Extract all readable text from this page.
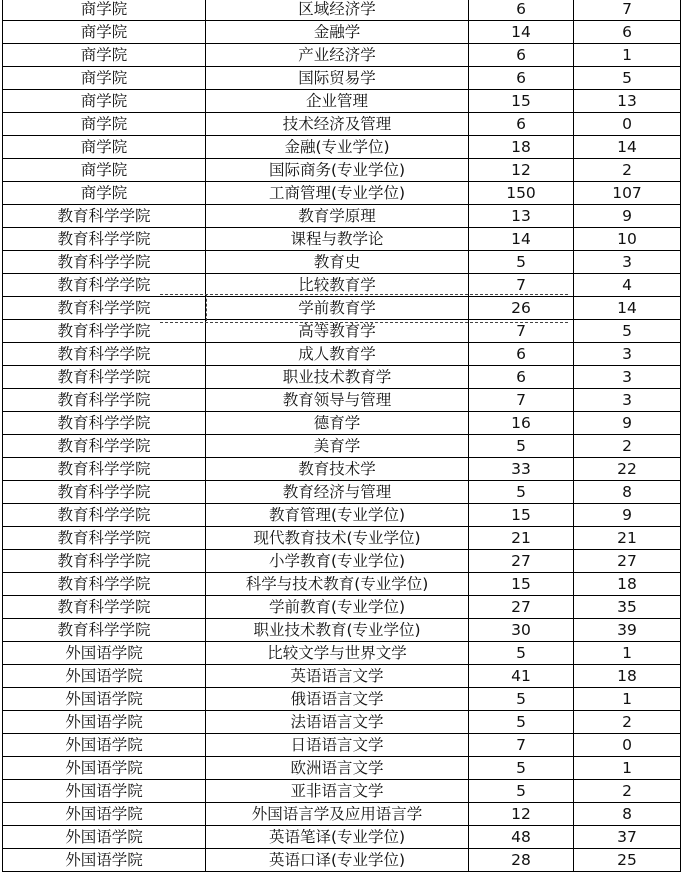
商学院	区域经济学	6	7
商学院	金融学	14	6
商学院	产业经济学	6	1
商学院	国际贸易学	6	5
商学院	企业管理	15	13
商学院	技术经济及管理	6	0
商学院	金融(专业学位)	18	14
商学院	国际商务(专业学位)	12	2
商学院	工商管理(专业学位)	150	107
教育科学学院	教育学原理	13	9
教育科学学院	课程与教学论	14	10
教育科学学院	教育史	5	3
教育科学学院	比较教育学	7	4
教育科学学院	学前教育学	26	14
教育科学学院	高等教育学	7	5
教育科学学院	成人教育学	6	3
教育科学学院	职业技术教育学	6	3
教育科学学院	教育领导与管理	7	3
教育科学学院	德育学	16	9
教育科学学院	美育学	5	2
教育科学学院	教育技术学	33	22
教育科学学院	教育经济与管理	5	8
教育科学学院	教育管理(专业学位)	15	9
教育科学学院	现代教育技术(专业学位)	21	21
教育科学学院	小学教育(专业学位)	27	27
教育科学学院	科学与技术教育(专业学位)	15	18
教育科学学院	学前教育(专业学位)	27	35
教育科学学院	职业技术教育(专业学位)	30	39
外国语学院	比较文学与世界文学	5	1
外国语学院	英语语言文学	41	18
外国语学院	俄语语言文学	5	1
外国语学院	法语语言文学	5	2
外国语学院	日语语言文学	7	0
外国语学院	欧洲语言文学	5	1
外国语学院	亚非语言文学	5	2
外国语学院	外国语言学及应用语言学	12	8
外国语学院	英语笔译(专业学位)	48	37
外国语学院	英语口译(专业学位)	28	25
